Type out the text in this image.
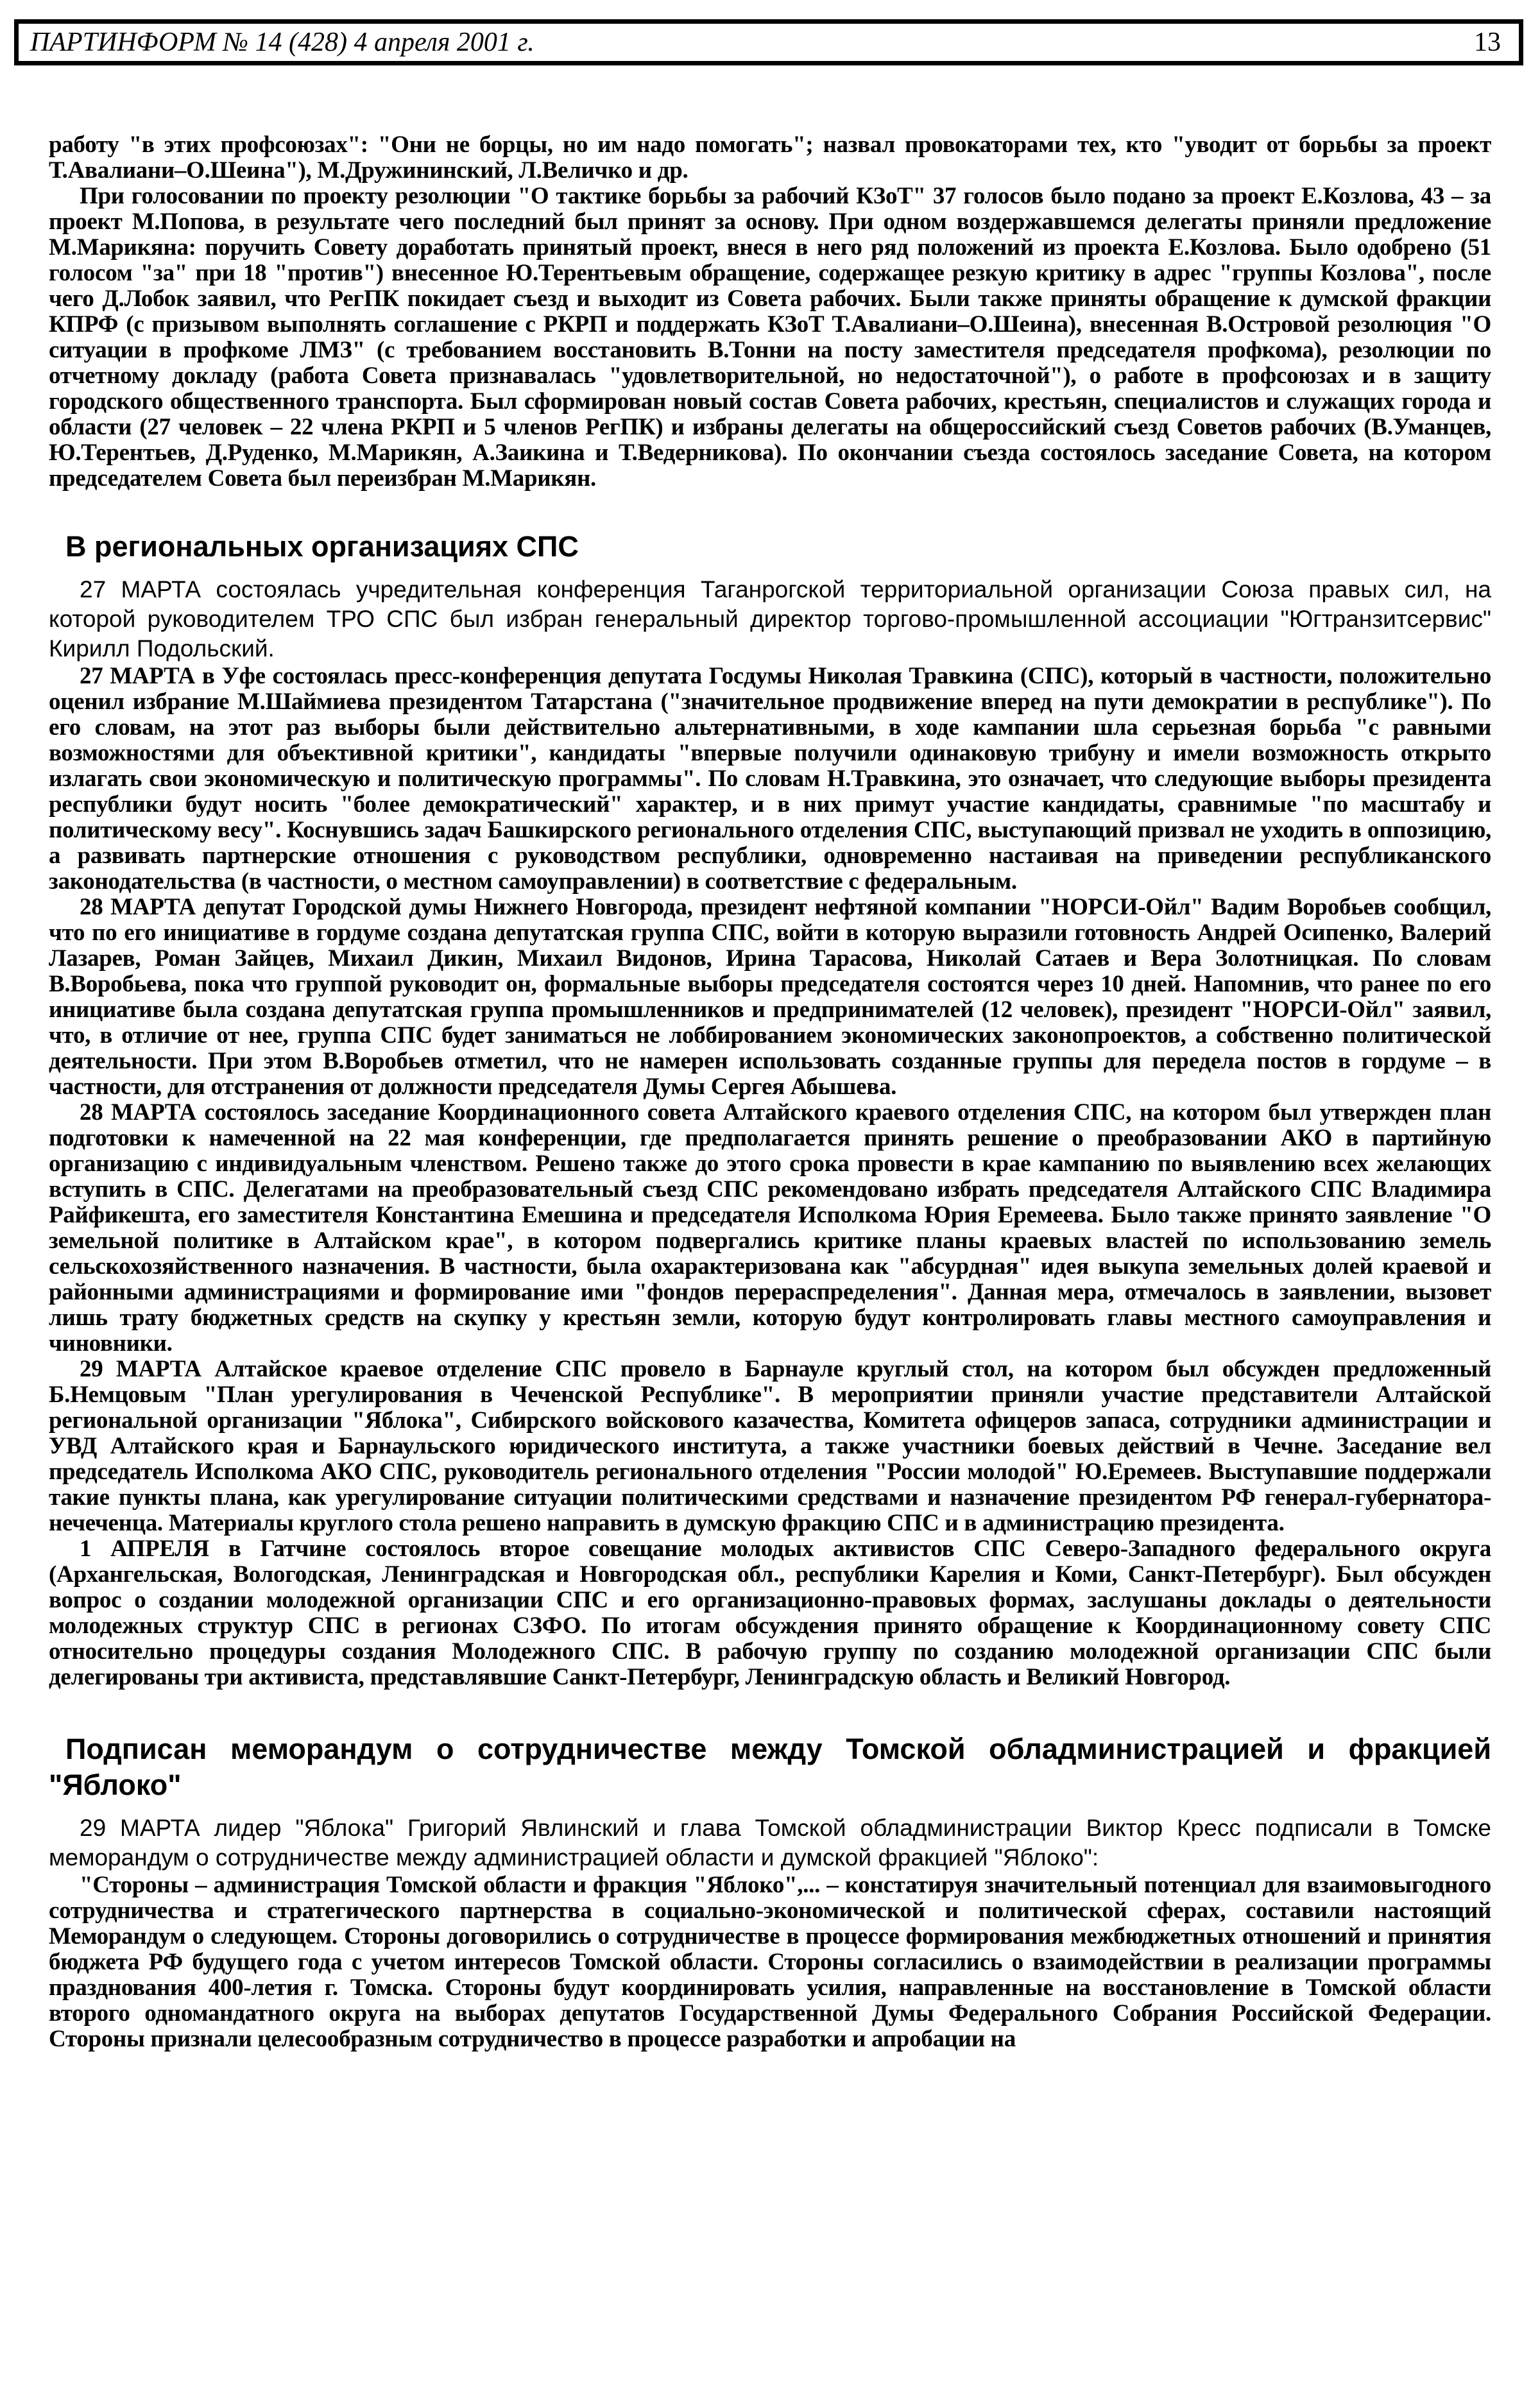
ПАРТИНФОРМ № 14 (428) 4 апреля 2001 г.	13

работу "в этих профсоюзах": "Они не борцы, но им надо помогать"; назвал провокаторами тех, кто "уводит от борьбы за проект Т.Авалиани–О.Шеина"), М.Дружининский, Л.Величко и др.

При голосовании по проекту резолюции "О тактике борьбы за рабочий КЗоТ" 37 голосов было подано за проект Е.Козлова, 43 – за проект М.Попова, в результате чего последний был принят за основу. При одном воздержавшемся делегаты приняли предложение М.Марикяна: поручить Совету доработать принятый проект, внеся в него ряд положений из проекта Е.Козлова. Было одобрено (51 голосом "за" при 18 "против") внесенное Ю.Терентьевым обращение, содержащее резкую критику в адрес "группы Козлова", после чего Д.Лобок заявил, что РегПК покидает съезд и выходит из Совета рабочих. Были также приняты обращение к думской фракции КПРФ (с призывом выполнять соглашение с РКРП и поддержать КЗоТ Т.Авалиани–О.Шеина), внесенная В.Островой резолюция "О ситуации в профкоме ЛМЗ" (с требованием восстановить В.Тонни на посту заместителя председателя профкома), резолюции по отчетному докладу (работа Совета признавалась "удовлетворительной, но недостаточной"), о работе в профсоюзах и в защиту городского общественного транспорта. Был сформирован новый состав Совета рабочих, крестьян, специалистов и служащих города и области (27 человек – 22 члена РКРП и 5 членов РегПК) и избраны делегаты на общероссийский съезд Советов рабочих (В.Уманцев, Ю.Терентьев, Д.Руденко, М.Марикян, А.Заикина и Т.Ведерникова). По окончании съезда состоялось заседание Совета, на котором председателем Совета был переизбран М.Марикян.

В региональных организациях СПС

27 МАРТА состоялась учредительная конференция Таганрогской территориальной организации Союза правых сил, на которой руководителем ТРО СПС был избран генеральный директор торгово-промышленной ассоциации "Югтранзитсервис" Кирилл Подольский.

27 МАРТА в Уфе состоялась пресс-конференция депутата Госдумы Николая Травкина (СПС), который в частности, положительно оценил избрание М.Шаймиева президентом Татарстана ("значительное продвижение вперед на пути демократии в республике"). По его словам, на этот раз выборы были действительно альтернативными, в ходе кампании шла серьезная борьба "с равными возможностями для объективной критики", кандидаты "впервые получили одинаковую трибуну и имели возможность открыто излагать свои экономическую и политическую программы". По словам Н.Травкина, это означает, что следующие выборы президента республики будут носить "более демократический" характер, и в них примут участие кандидаты, сравнимые "по масштабу и политическому весу". Коснувшись задач Башкирского регионального отделения СПС, выступающий призвал не уходить в оппозицию, а развивать партнерские отношения с руководством республики, одновременно настаивая на приведении республиканского законодательства (в частности, о местном самоуправлении) в соответствие с федеральным.

28 МАРТА депутат Городской думы Нижнего Новгорода, президент нефтяной компании "НОРСИ-Ойл" Вадим Воробьев сообщил, что по его инициативе в гордуме создана депутатская группа СПС, войти в которую выразили готовность Андрей Осипенко, Валерий Лазарев, Роман Зайцев, Михаил Дикин, Михаил Видонов, Ирина Тарасова, Николай Сатаев и Вера Золотницкая. По словам В.Воробьева, пока что группой руководит он, формальные выборы председателя состоятся через 10 дней. Напомнив, что ранее по его инициативе была создана депутатская группа промышленников и предпринимателей (12 человек), президент "НОРСИ-Ойл" заявил, что, в отличие от нее, группа СПС будет заниматься не лоббированием экономических законопроектов, а собственно политической деятельности. При этом В.Воробьев отметил, что не намерен использовать созданные группы для передела постов в гордуме – в частности, для отстранения от должности председателя Думы Сергея Абышева.

28 МАРТА состоялось заседание Координационного совета Алтайского краевого отделения СПС, на котором был утвержден план подготовки к намеченной на 22 мая конференции, где предполагается принять решение о преобразовании АКО в партийную организацию с индивидуальным членством. Решено также до этого срока провести в крае кампанию по выявлению всех желающих вступить в СПС. Делегатами на преобразовательный съезд СПС рекомендовано избрать председателя Алтайского СПС Владимира Райфикешта, его заместителя Константина Емешина и председателя Исполкома Юрия Еремеева. Было также принято заявление "О земельной политике в Алтайском крае", в котором подвергались критике планы краевых властей по использованию земель сельскохозяйственного назначения. В частности, была охарактеризована как "абсурдная" идея выкупа земельных долей краевой и районными администрациями и формирование ими "фондов перераспределения". Данная мера, отмечалось в заявлении, вызовет лишь трату бюджетных средств на скупку у крестьян земли, которую будут контролировать главы местного самоуправления и чиновники.

29 МАРТА Алтайское краевое отделение СПС провело в Барнауле круглый стол, на котором был обсужден предложенный Б.Немцовым "План урегулирования в Чеченской Республике". В мероприятии приняли участие представители Алтайской региональной организации "Яблока", Сибирского войскового казачества, Комитета офицеров запаса, сотрудники администрации и УВД Алтайского края и Барнаульского юридического института, а также участники боевых действий в Чечне. Заседание вел председатель Исполкома АКО СПС, руководитель регионального отделения "России молодой" Ю.Еремеев. Выступавшие поддержали такие пункты плана, как урегулирование ситуации политическими средствами и назначение президентом РФ генерал-губернатора-нечеченца. Материалы круглого стола решено направить в думскую фракцию СПС и в администрацию президента.

1 АПРЕЛЯ в Гатчине состоялось второе совещание молодых активистов СПС Северо-Западного федерального округа (Архангельская, Вологодская, Ленинградская и Новгородская обл., республики Карелия и Коми, Санкт-Петербург). Был обсужден вопрос о создании молодежной организации СПС и его организационно-правовых формах, заслушаны доклады о деятельности молодежных структур СПС в регионах СЗФО. По итогам обсуждения принято обращение к Координационному совету СПС относительно процедуры создания Молодежного СПС. В рабочую группу по созданию молодежной организации СПС были делегированы три активиста, представлявшие Санкт-Петербург, Ленинградскую область и Великий Новгород.

Подписан меморандум о сотрудничестве между Томской обладминистрацией и фракцией "Яблоко"

29 МАРТА лидер "Яблока" Григорий Явлинский и глава Томской обладминистрации Виктор Кресс подписали в Томске меморандум о сотрудничестве между администрацией области и думской фракцией "Яблоко":

"Стороны – администрация Томской области и фракция "Яблоко",... – констатируя значительный потенциал для взаимовыгодного сотрудничества и стратегического партнерства в социально-экономической и политической сферах, составили настоящий Меморандум о следующем. Стороны договорились о сотрудничестве в процессе формирования межбюджетных отношений и принятия бюджета РФ будущего года с учетом интересов Томской области. Стороны согласились о взаимодействии в реализации программы празднования 400-летия г. Томска. Стороны будут координировать усилия, направленные на восстановление в Томской области второго одномандатного округа на выборах депутатов Государственной Думы Федерального Собрания Российской Федерации. Стороны признали целесообразным сотрудничество в процессе разработки и апробации на
